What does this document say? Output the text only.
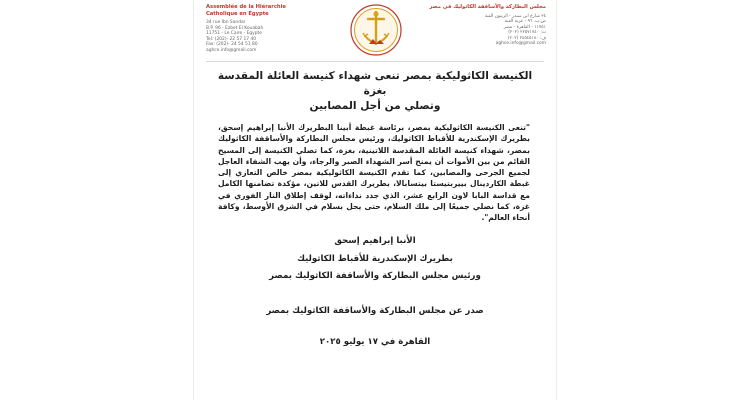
Assemblée de la Hiérarchie Catholique en Egypte
34 rue Ibn Sandar
B.P. 96 - Ezbet El Kouabah
11751 - Le Caire - Egypte
Tel: (202)- 22 57 17 40
Fax: (202)- 24 54 51 80
aghce.info@gmail.com
مجلس البطاركة والأساقفة الكاثوليك في مصر
٣٤ شارع ابن سندر - الزيتون القبة
ص.ب. ٩٦ - عزبة القبة
١١٧٥١ - القاهرة - مصر
ت: ٢٢٥٧١٧٤٠ (٢٠٢)
ف: ٢٤٥٤٥١٨٠ (٢٠٢)
aghce.info@gmail.com
الكنيسة الكاثوليكية بمصر تنعى شهداء كنيسة العائلة المقدسة بغزة
وتصلي من أجل المصابين
"تنعى الكنيسة الكاثوليكية بمصر، برئاسة غبطة أبينا البطريرك الأنبا إبراهيم إسحق، بطريرك الإسكندرية للأقباط الكاثوليك، ورئيس مجلس البطاركة والأساقفة الكاثوليك بمصر، شهداء كنيسة العائلة المقدسة اللاتينية، بغزة، كما تصلي الكنيسة إلى المسيح القائم من بين الأموات أن يمنح أسر الشهداء الصبر والرجاء، وأن يهب الشفاء العاجل لجميع الجرحى والمصابين، كما تقدم الكنيسة الكاثوليكية بمصر خالص التعازي إلى غبطة الكاردينال بييربتيستا بيتسابالا، بطريرك القدس للاتين، مؤكدة تضامنها الكامل مع قداسة البابا لاون الرابع عشر، الذي جدد نداءاته، لوقف إطلاق النار الفوري في غزة، كما نصلي جميعًا إلى ملك السلام، حتى يحل بسلام في الشرق الأوسط، وكافة أنحاء العالم".
الأنبا إبراهيم إسحق
بطريرك الإسكندرية للأقباط الكاثوليك
ورئيس مجلس البطاركة والأساقفة الكاثوليك بمصر
صدر عن مجلس البطاركة والأساقفة الكاثوليك بمصر
القاهرة في ١٧ يوليو ٢٠٢٥
